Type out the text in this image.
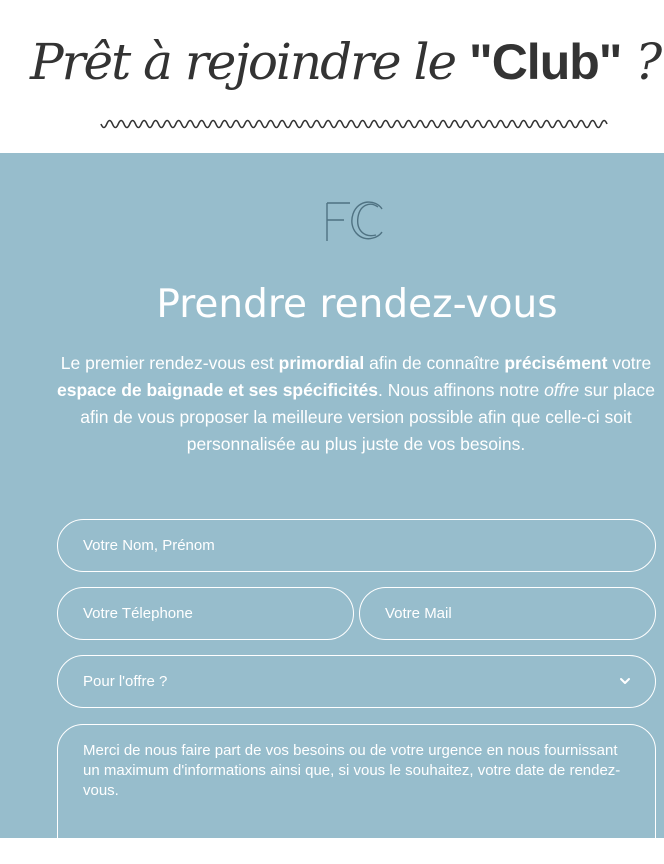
Prêt à rejoindre le "Club" ?
Prendre rendez-vous

Le premier rendez-vous est primordial afin de connaître précisément votre espace de baignade et ses spécificités. Nous affinons notre offre sur place afin de vous proposer la meilleure version possible afin que celle-ci soit personnalisée au plus juste de vos besoins.

Votre Nom, Prénom
Votre Télephone	Votre Mail
Pour l'offre ?
Merci de nous faire part de vos besoins ou de votre urgence en nous fournissant un maximum d'informations ainsi que, si vous le souhaitez, votre date de rendez-vous.
